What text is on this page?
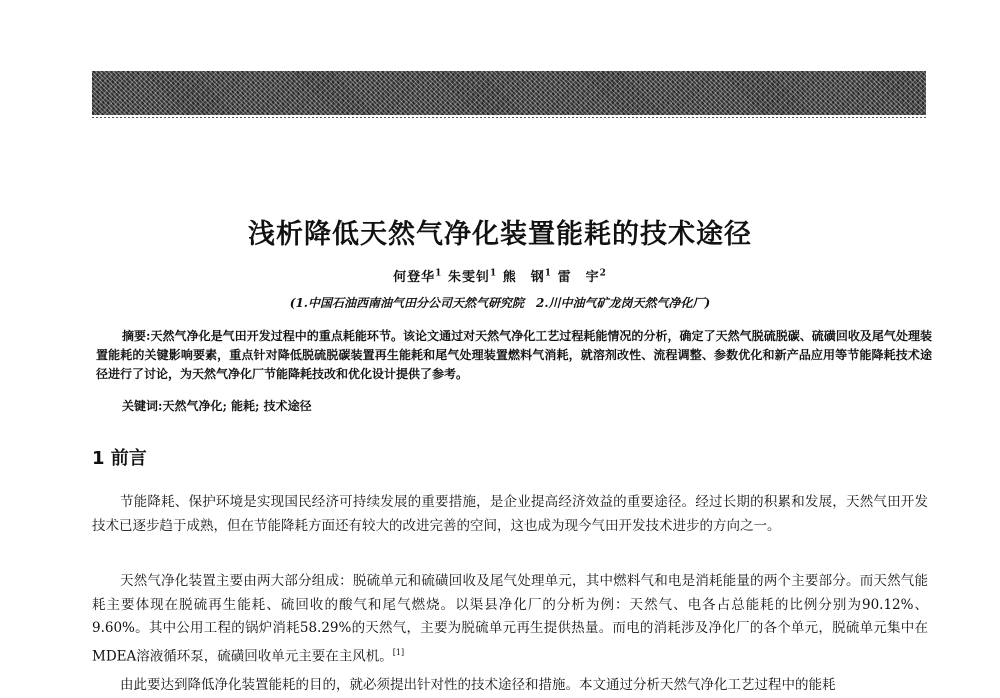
浅析降低天然气净化装置能耗的技术途径
何登华$^1$ 朱雯钊$^1$ 熊　钢$^1$ 雷　宇$^2$
(1.中国石油西南油气田分公司天然气研究院　2.川中油气矿龙岗天然气净化厂)

摘要:天然气净化是气田开发过程中的重点耗能环节。该论文通过对天然气净化工艺过程耗能情况的分析，确定了天然气脱硫脱碳、硫磺回收及尾气处理装置能耗的关键影响要素，重点针对降低脱硫脱碳装置再生能耗和尾气处理装置燃料气消耗，就溶剂改性、流程调整、参数优化和新产品应用等节能降耗技术途径进行了讨论，为天然气净化厂节能降耗技改和优化设计提供了参考。

关键词:天然气净化; 能耗; 技术途径

1 前言

节能降耗、保护环境是实现国民经济可持续发展的重要措施，是企业提高经济效益的重要途径。经过长期的积累和发展，天然气田开发技术已逐步趋于成熟，但在节能降耗方面还有较大的改进完善的空间，这也成为现今气田开发技术进步的方向之一。

天然气净化装置主要由两大部分组成：脱硫单元和硫磺回收及尾气处理单元，其中燃料气和电是消耗能量的两个主要部分。而天然气能耗主要体现在脱硫再生能耗、硫回收的酸气和尾气燃烧。以渠县净化厂的分析为例：天然气、电各占总能耗的比例分别为90.12%、9.60%。其中公用工程的锅炉消耗58.29%的天然气，主要为脱硫单元再生提供热量。而电的消耗涉及净化厂的各个单元，脱硫单元集中在MDEA溶液循环泵，硫磺回收单元主要在主风机。[1]

由此要达到降低净化装置能耗的目的，就必须提出针对性的技术途径和措施。本文通过分析天然气净化工艺过程中的能耗
